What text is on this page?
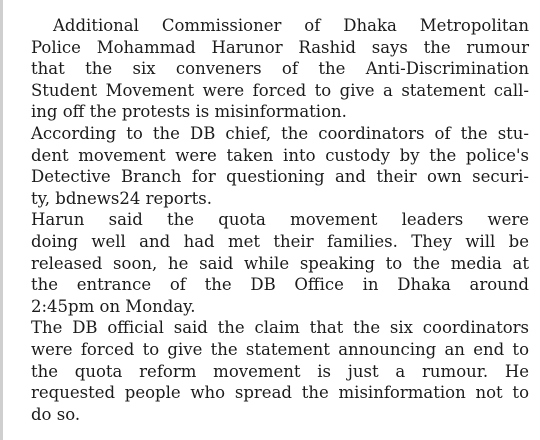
Additional Commissioner of Dhaka Metropolitan
Police Mohammad Harunor Rashid says the rumour
that the six conveners of the Anti-Discrimination
Student Movement were forced to give a statement call-
ing off the protests is misinformation.

According to the DB chief, the coordinators of the stu-
dent movement were taken into custody by the police's
Detective Branch for questioning and their own securi-
ty, bdnews24 reports.

Harun said the quota movement leaders were
doing well and had met their families. They will be
released soon, he said while speaking to the media at
the entrance of the DB Office in Dhaka around
2:45pm on Monday.

The DB official said the claim that the six coordinators
were forced to give the statement announcing an end to
the quota reform movement is just a rumour. He
requested people who spread the misinformation not to
do so.
